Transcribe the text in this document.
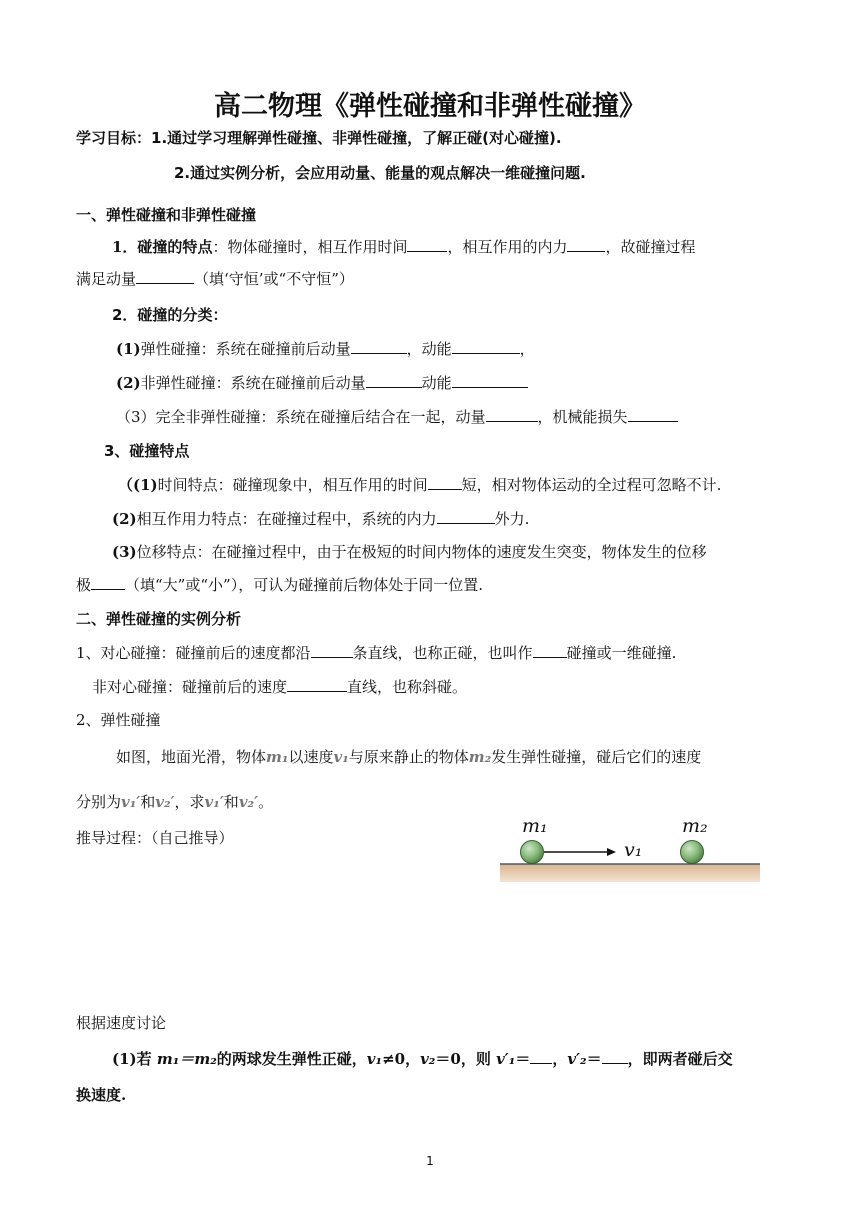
高二物理《弹性碰撞和非弹性碰撞》
学习目标：1.通过学习理解弹性碰撞、非弹性碰撞，了解正碰(对心碰撞).
2.通过实例分析，会应用动量、能量的观点解决一维碰撞问题.
一、弹性碰撞和非弹性碰撞
1．碰撞的特点：物体碰撞时，相互作用时间	，相互作用的内力	，故碰撞过程
满足动量	（填‘守恒’或“不守恒”）
2．碰撞的分类：
(1)弹性碰撞：系统在碰撞前后动量	，动能	，
(2)非弹性碰撞：系统在碰撞前后动量	动能
（3）完全非弹性碰撞：系统在碰撞后结合在一起，动量	，机械能损失
3、碰撞特点
（(1)时间特点：碰撞现象中，相互作用的时间 短，相对物体运动的全过程可忽略不计.
(2)相互作用力特点：在碰撞过程中，系统的内力	外力.
(3)位移特点：在碰撞过程中，由于在极短的时间内物体的速度发生突变，物体发生的位移
极 （填“大”或“小”），可认为碰撞前后物体处于同一位置.
二、弹性碰撞的实例分析
1、对心碰撞：碰撞前后的速度都沿	条直线，也称正碰，也叫作 碰撞或一维碰撞.
非对心碰撞：碰撞前后的速度	直线，也称斜碰。
2、弹性碰撞
如图，地面光滑，物体m₁以速度v₁与原来静止的物体m₂发生弹性碰撞，碰后它们的速度
分别为v₁′和v₂′，求v₁′和v₂′。
推导过程：（自己推导）
m₁
v₁
m₂
根据速度讨论
(1)若 m₁＝m₂的两球发生弹性正碰，v₁≠0，v₂＝0，则 v′₁＝ ，v′₂＝ ，即两者碰后交
换速度.
1
